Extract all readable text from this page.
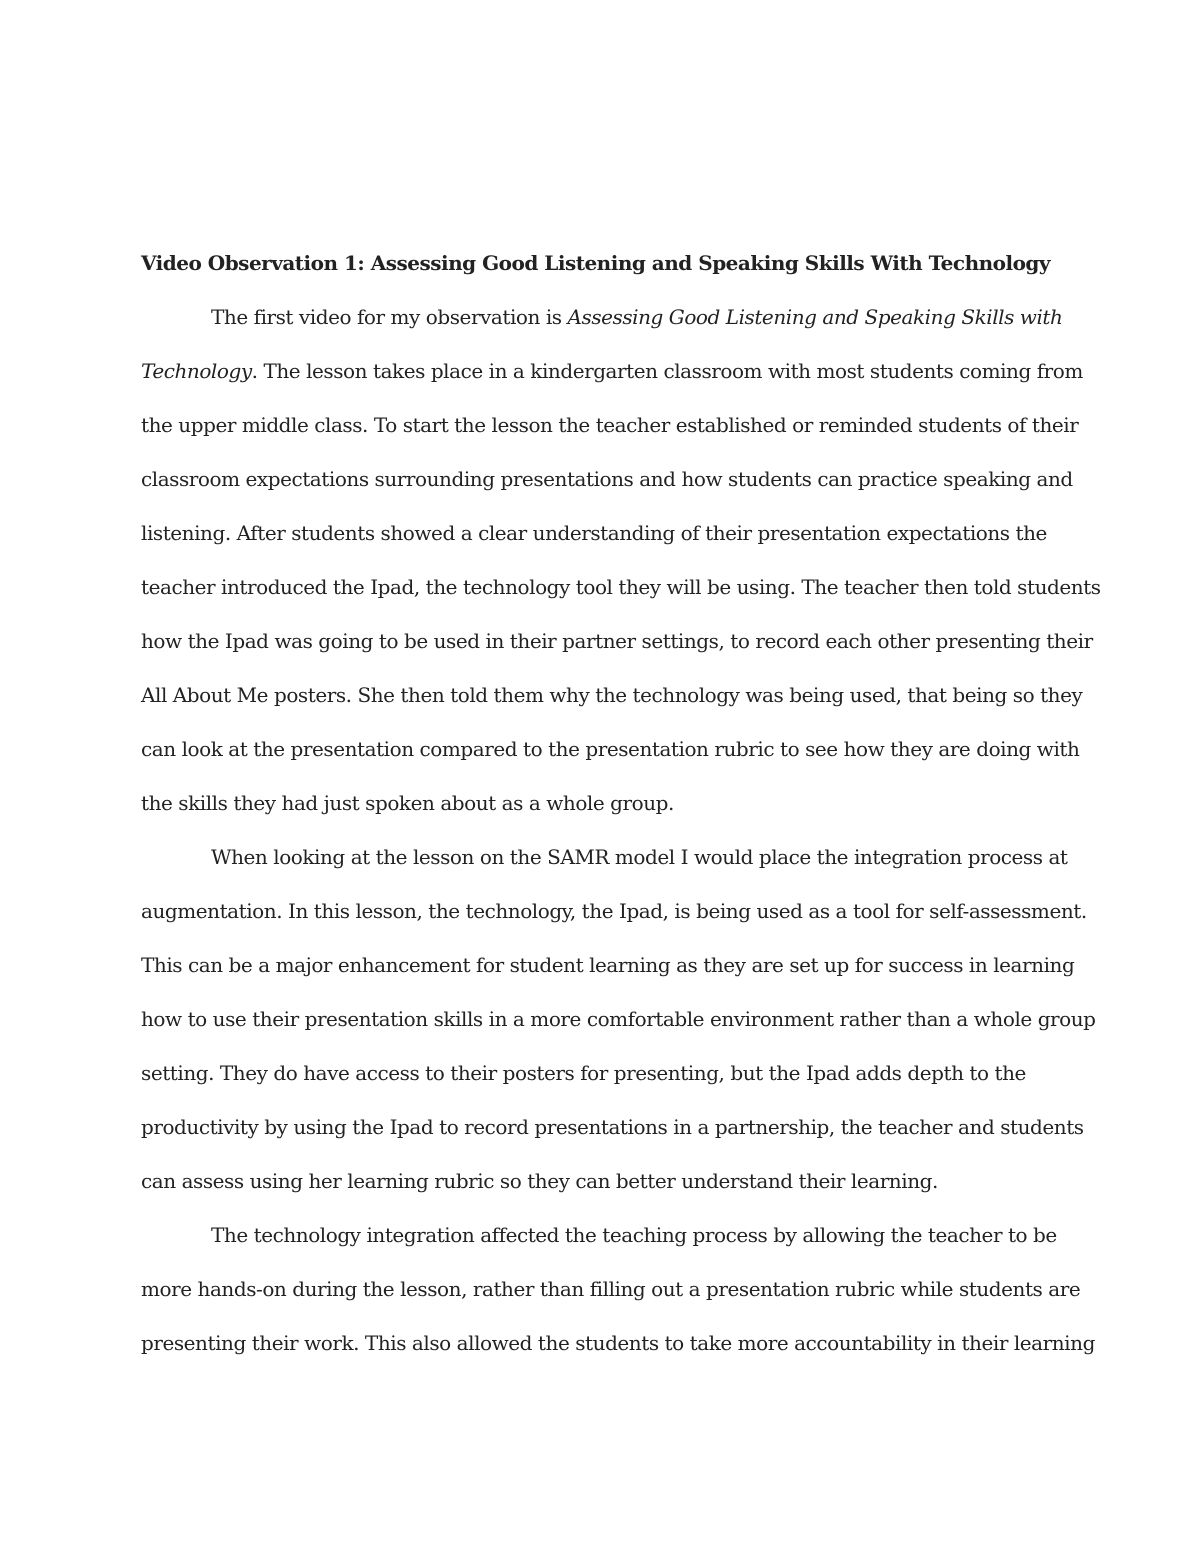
Video Observation 1: Assessing Good Listening and Speaking Skills With Technology
The first video for my observation is Assessing Good Listening and Speaking Skills with
Technology. The lesson takes place in a kindergarten classroom with most students coming from
the upper middle class. To start the lesson the teacher established or reminded students of their
classroom expectations surrounding presentations and how students can practice speaking and
listening. After students showed a clear understanding of their presentation expectations the
teacher introduced the Ipad, the technology tool they will be using. The teacher then told students
how the Ipad was going to be used in their partner settings, to record each other presenting their
All About Me posters. She then told them why the technology was being used, that being so they
can look at the presentation compared to the presentation rubric to see how they are doing with
the skills they had just spoken about as a whole group.
When looking at the lesson on the SAMR model I would place the integration process at
augmentation. In this lesson, the technology, the Ipad, is being used as a tool for self-assessment.
This can be a major enhancement for student learning as they are set up for success in learning
how to use their presentation skills in a more comfortable environment rather than a whole group
setting. They do have access to their posters for presenting, but the Ipad adds depth to the
productivity by using the Ipad to record presentations in a partnership, the teacher and students
can assess using her learning rubric so they can better understand their learning.
The technology integration affected the teaching process by allowing the teacher to be
more hands-on during the lesson, rather than filling out a presentation rubric while students are
presenting their work. This also allowed the students to take more accountability in their learning
